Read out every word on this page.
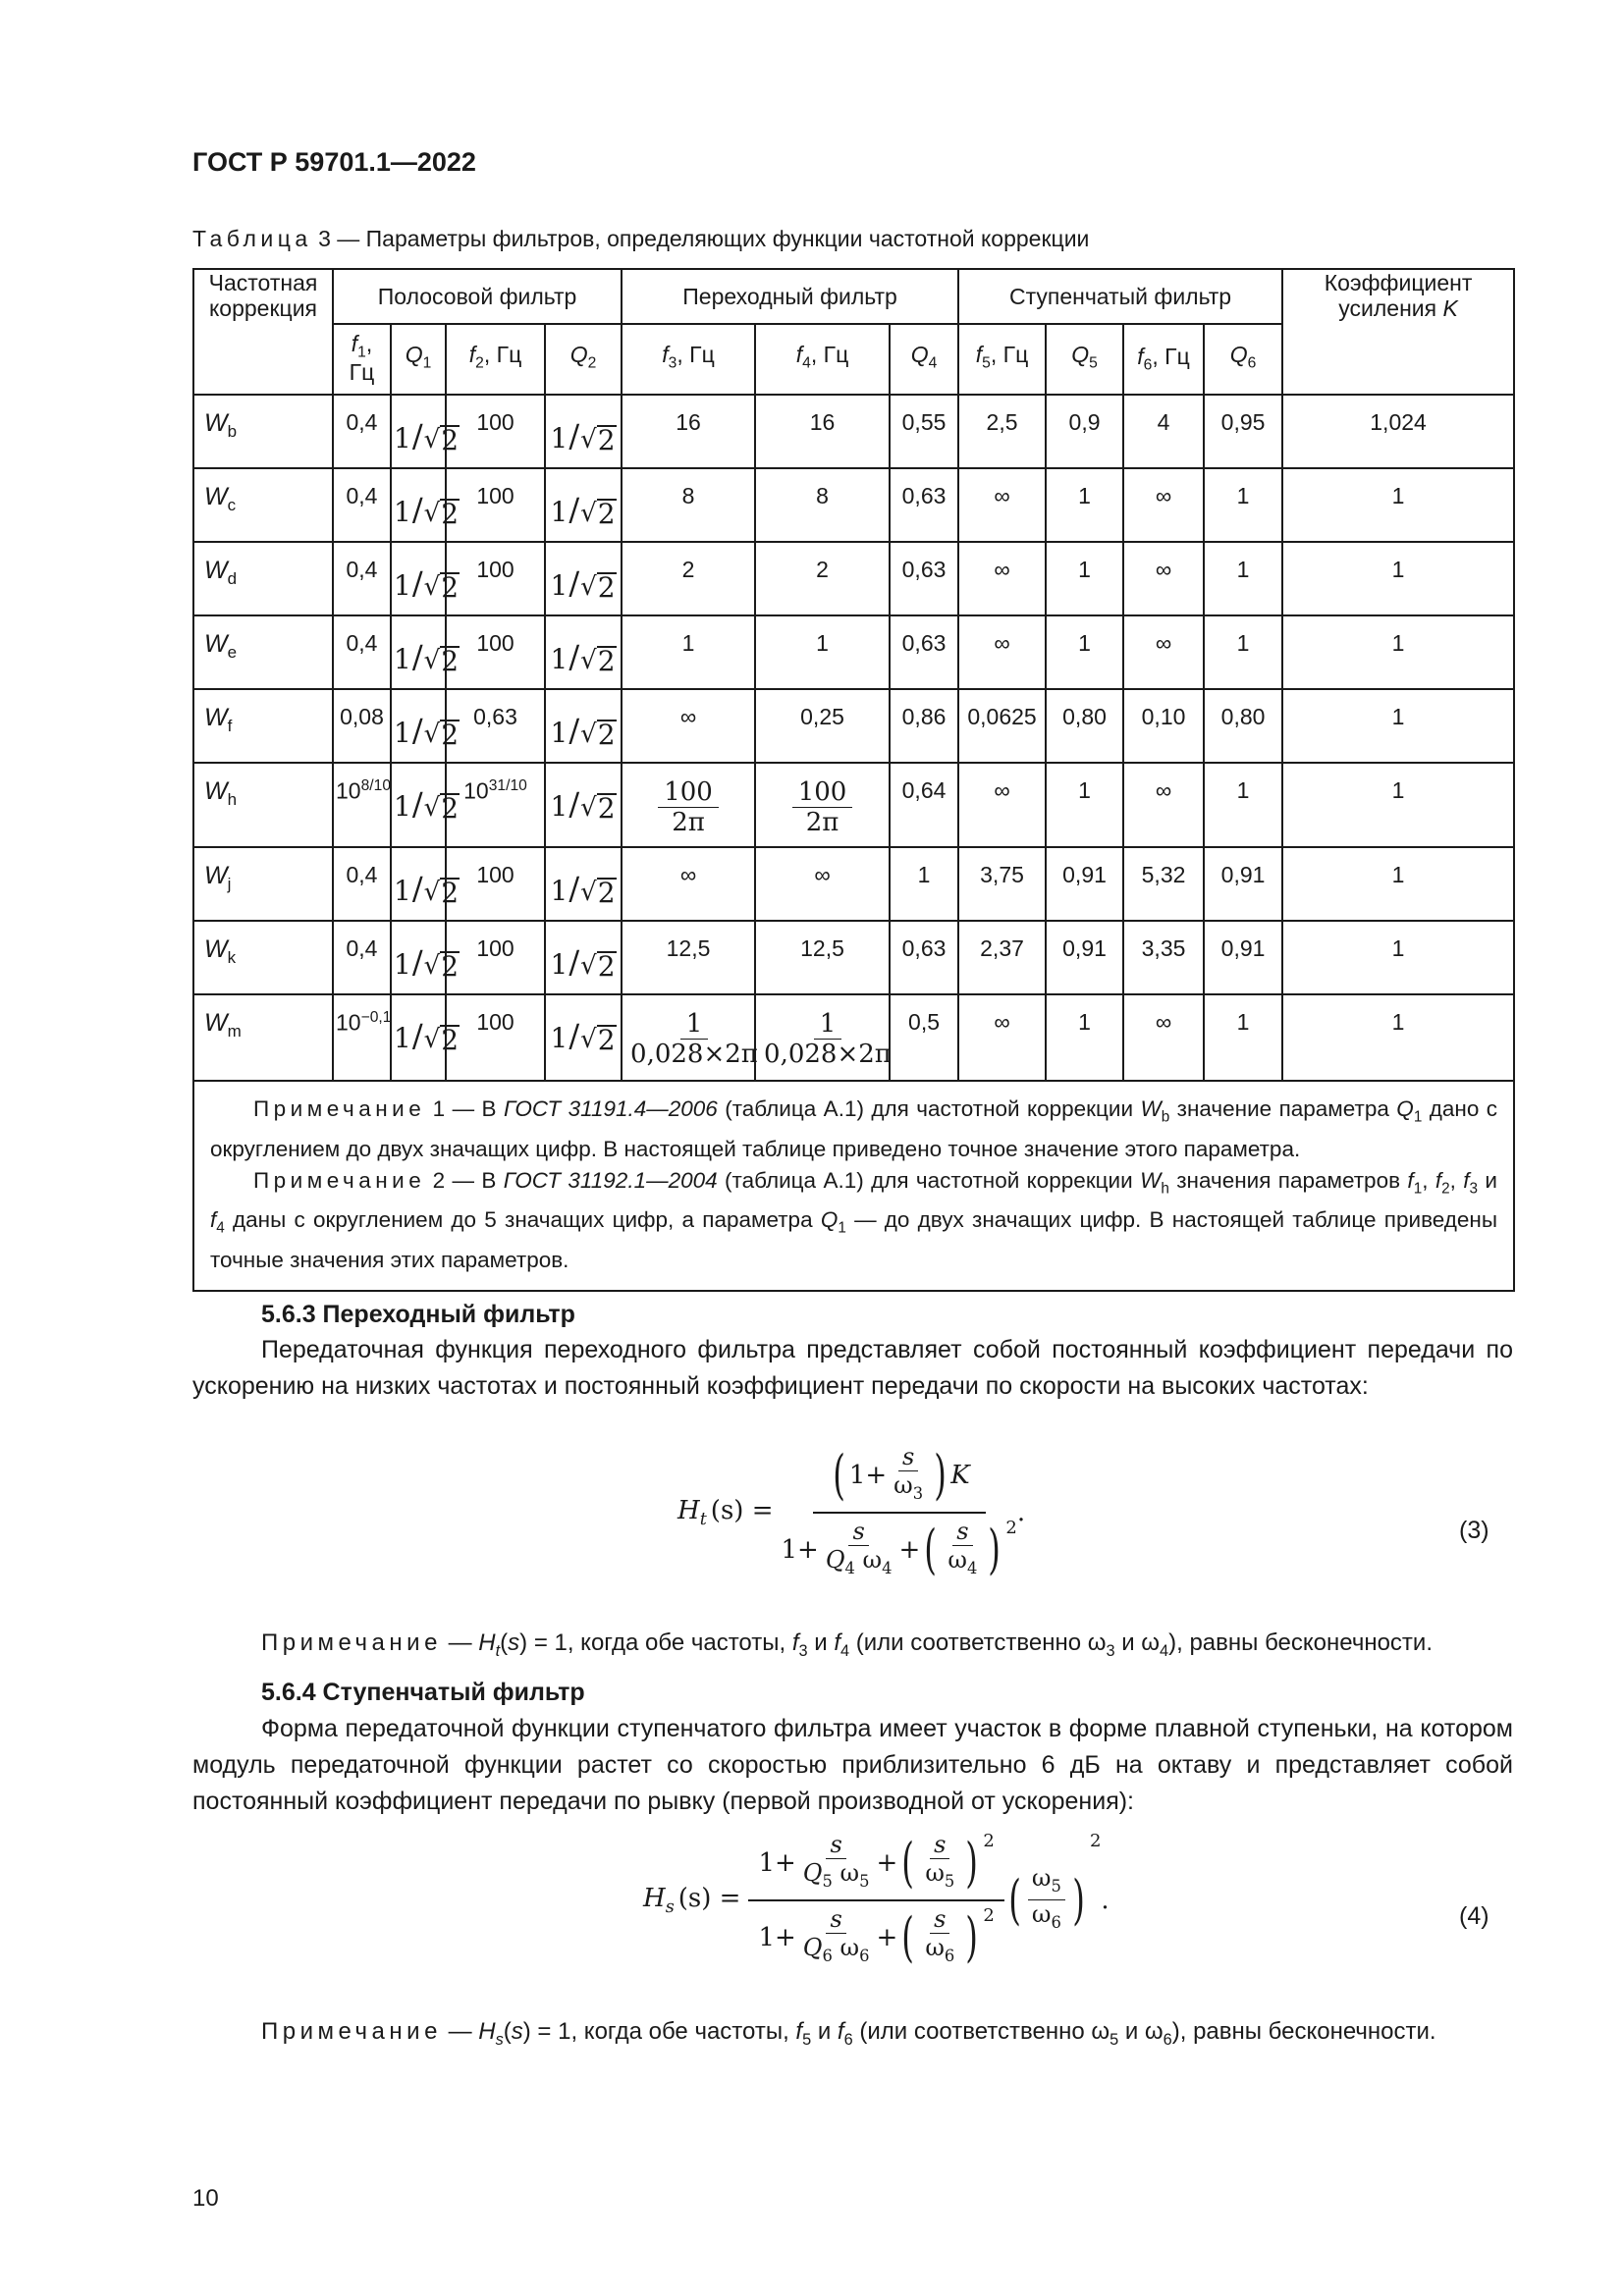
ГОСТ Р 59701.1—2022
Таблица 3 — Параметры фильтров, определяющих функции частотной коррекции
Частотная коррекция	Полосовой фильтр				Переходный фильтр			Ступенчатый фильтр				Коэффициент усиления K
	$f_1$, Гц	$Q_1$	$f_2$, Гц	$Q_2$	$f_3$, Гц	$f_4$, Гц	$Q_4$	$f_5$, Гц	$Q_5$	$f_6$, Гц	$Q_6$
$W_b$	0,4	1 / √ 2	100	1 / √ 2	16	16	0,55	2,5	0,9	4	0,95	1,024
$W_c$	0,4	1 / √ 2	100	1 / √ 2	8	8	0,63	∞	1	∞	1	1
$W_d$	0,4	1 / √ 2	100	1 / √ 2	2	2	0,63	∞	1	∞	1	1
$W_e$	0,4	1 / √ 2	100	1 / √ 2	1	1	0,63	∞	1	∞	1	1
$W_f$	0,08	1 / √ 2	0,63	1 / √ 2	∞	0,25	0,86	0,0625	0,80	0,10	0,80	1
$W_h$	$10^{8/10}$	1 / √ 2	$10^{31/10}$	1 / √ 2	$\frac{100}{2\pi}$	$\frac{100}{2\pi}$	0,64	∞	1	∞	1	1
$W_j$	0,4	1 / √ 2	100	1 / √ 2	∞	∞	1	3,75	0,91	5,32	0,91	1
$W_k$	0,4	1 / √ 2	100	1 / √ 2	12,5	12,5	0,63	2,37	0,91	3,35	0,91	1
$W_m$	$10^{-0,1}$	1 / √ 2	100	1 / √ 2	$\frac{1}{0,028\times 2\pi}$	$\frac{1}{0,028\times 2\pi}$	0,5	∞	1	∞	1	1

Примечание 1 — В ГОСТ 31191.4—2006 (таблица А.1) для частотной коррекции $W_b$ значение параметра $Q_1$ дано с округлением до двух значащих цифр. В настоящей таблице приведено точное значение этого параметра.

Примечание 2 — В ГОСТ 31192.1—2004 (таблица А.1) для частотной коррекции $W_h$ значения параметров $f_1$, $f_2$, $f_3$ и $f_4$ даны с округлением до 5 значащих цифр, а параметра $Q_1$ — до двух значащих цифр. В настоящей таблице приведены точные значения этих параметров.												

5.6.3 Переходный фильтр

Передаточная функция переходного фильтра представляет собой постоянный коэффициент передачи по ускорению на низких частотах и постоянный коэффициент передачи по скорости на высоких частотах:

$H_t$ (s) = ( $1+ \frac{s}{\omega_3}$ ) K
$1+ \frac{s}{Q_4 \omega_4}$ + ( s
$\omega_4$ ) 2 .
(3)
Примечание — $H_t(s) = 1$, когда обе частоты, $f_3$ и $f_4$ (или соответственно $\omega_3$ и $\omega_4$), равны бесконечности.
5.6.4 Ступенчатый фильтр

Форма передаточной функции ступенчатого фильтра имеет участок в форме плавной ступеньки, на котором модуль передаточной функции растет со скоростью приблизительно 6 дБ на октаву и представляет собой постоянный коэффициент передачи по рывку (первой производной от ускорения):

$H_s$ $(s) = 1+ \frac{s}{Q_5 \omega_5}$ + ( s
$\omega_5$ ) 2
$1+ \frac{s}{Q_6 \omega_6}$ + ( s
$\omega_6$ ) 2 ( $\omega_5$
$\omega_6$ )
2
.
(4)
Примечание — $H_s(s) = 1$, когда обе частоты, $f_5$ и $f_6$ (или соответственно $\omega_5$ и $\omega_6$), равны бесконечности.
10
